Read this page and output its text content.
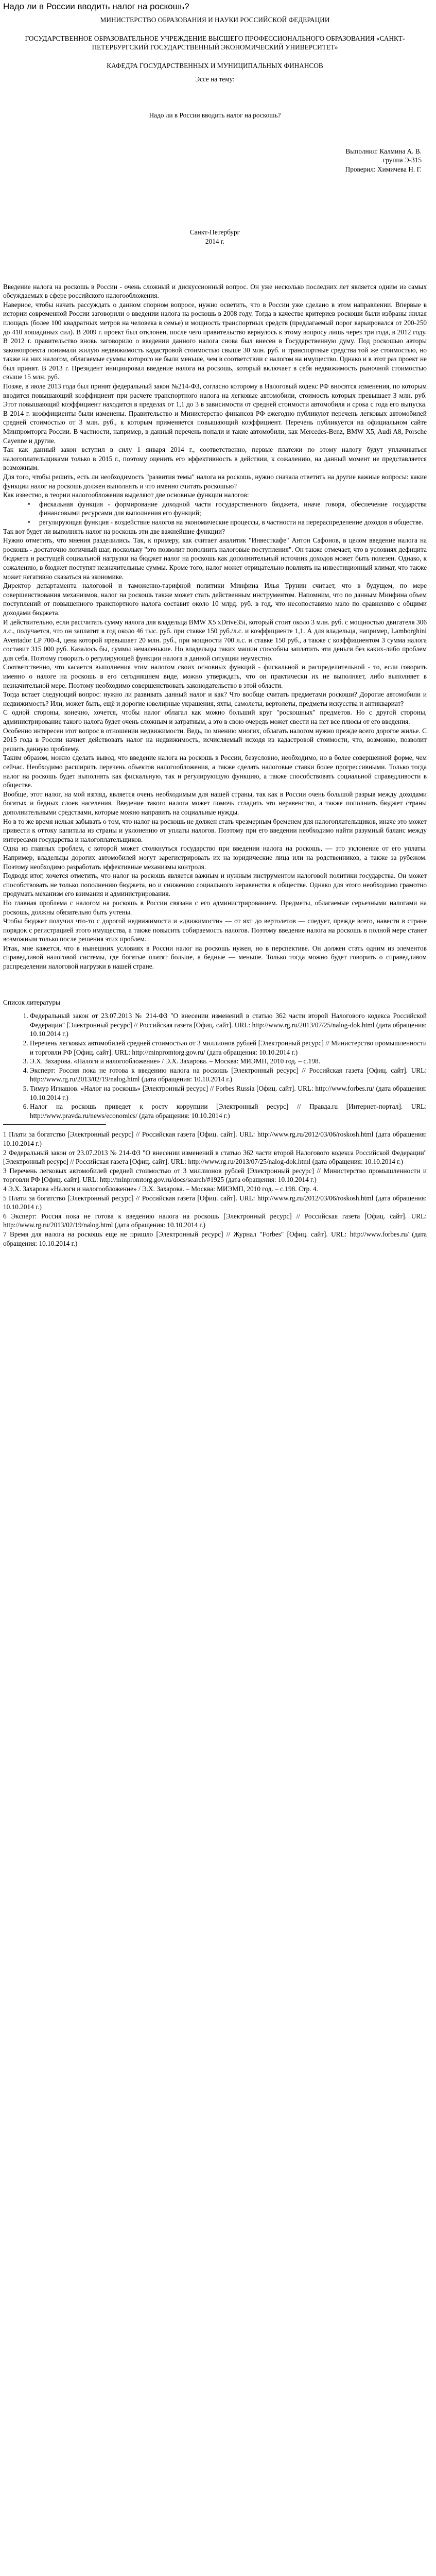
Надо ли в России вводить налог на роскошь?

МИНИСТЕРСТВО ОБРАЗОВАНИЯ И НАУКИ РОССИЙСКОЙ ФЕДЕРАЦИИ

ГОСУДАРСТВЕННОЕ ОБРАЗОВАТЕЛЬНОЕ УЧРЕЖДЕНИЕ ВЫСШЕГО ПРОФЕССИОНАЛЬНОГО ОБРАЗОВАНИЯ «САНКТ-ПЕТЕРБУРГСКИЙ ГОСУДАРСТВЕННЫЙ ЭКОНОМИЧЕСКИЙ УНИВЕРСИТЕТ»

КАФЕДРА ГОСУДАРСТВЕННЫХ И МУНИЦИПАЛЬНЫХ ФИНАНСОВ

Эссе на тему:

Надо ли в России вводить налог на роскошь?

Выполнил: Калмина А. В.

группа Э-315

Проверил: Химичева Н. Г.

Санкт-Петербург

2014 г.

Введение налога на роскошь в России - очень сложный и дискуссионный вопрос. Он уже несколько последних лет является одним из самых обсуждаемых в сфере российского налогообложения.

Наверное, чтобы начать рассуждать о данном спорном вопросе, нужно осветить, что в России уже сделано в этом направлении. Впервые в истории современной России заговорили о введении налога на роскошь в 2008 году. Тогда в качестве критериев роскоши были избраны жилая площадь (более 100 квадратных метров на человека в семье) и мощность транспортных средств (предлагаемый порог варьировался от 200-250 до 410 лошадиных сил). В 2009 г. проект был отклонен, после чего правительство вернулось к этому вопросу лишь через три года, в 2012 году. В 2012 г. правительство вновь заговорило о введении данного налога снова был внесен в Государственную думу. Под роскошью авторы законопроекта понимали жилую недвижимость кадастровой стоимостью свыше 30 млн. руб. и транспортные средства той же стоимостью, но также на них налогом, облагаемые суммы которого не были меньше, чем в соответствии с налогом на имущество. Однако и в этот раз проект не был принят. В 2013 г. Президент инициировал введение налога на роскошь, который включает в себя недвижимость рыночной стоимостью свыше 15 млн. руб.

Позже, в июле 2013 года был принят федеральный закон №214-ФЗ, согласно которому в Налоговый кодекс РФ вносятся изменения, по которым вводится повышающий коэффициент при расчете транспортного налога на легковые автомобили, стоимость которых превышает 3 млн. руб. Этот повышающий коэффициент находится в пределах от 1,1 до 3 в зависимости от средней стоимости автомобиля и срока с года его выпуска. В 2014 г. коэффициенты были изменены. Правительство и Министерство финансов РФ ежегодно публикуют перечень легковых автомобилей средней стоимостью от 3 млн. руб., к которым применяется повышающий коэффициент. Перечень публикуется на официальном сайте Минпромторга России. В частности, например, в данный перечень попали и такие автомобили, как Mercedes-Benz, BMW X5, Audi A8, Porsche Cayenne и другие.

Так как данный закон вступил в силу 1 января 2014 г., соответственно, первые платежи по этому налогу будут уплачиваться налогоплательщиками только в 2015 г., поэтому оценить его эффективность в действии, к сожалению, на данный момент не представляется возможным.

Для того, чтобы решить, есть ли необходимость "развития темы" налога на роскошь, нужно сначала ответить на другие важные вопросы: какие функции налог на роскошь должен выполнять и что именно считать роскошью?

Как известно, в теории налогообложения выделяют две основные функции налогов:

• фискальная функция - формирование доходной части государственного бюджета, иначе говоря, обеспечение государства финансовыми ресурсами для выполнения его функций;
• регулирующая функция - воздействие налогов на экономические процессы, в частности на перераспределение доходов в обществе.

Так вот будет ли выполнять налог на роскошь эти две важнейшие функции?

Нужно отметить, что мнения разделились. Так, к примеру, как считает аналитик "Инвесткафе" Антон Сафонов, в целом введение налога на роскошь - достаточно логичный шаг, поскольку "это позволит пополнить налоговые поступления". Он также отмечает, что в условиях дефицита бюджета и растущей социальной нагрузки на бюджет налог на роскошь как дополнительный источник доходов может быть полезен. Однако, к сожалению, в бюджет поступят незначительные суммы. Кроме того, налог может отрицательно повлиять на инвестиционный климат, что также может негативно сказаться на экономике.

Директор департамента налоговой и таможенно-тарифной политики Минфина Илья Трунин считает, что в будущем, по мере совершенствования механизмов, налог на роскошь также может стать действенным инструментом. Напомним, что по данным Минфина объем поступлений от повышенного транспортного налога составит около 10 млрд. руб. в год, что несопоставимо мало по сравнению с общими доходами бюджета.

И действительно, если рассчитать сумму налога для владельца BMW X5 xDrive35i, который стоит около 3 млн. руб. с мощностью двигателя 306 л.с., получается, что он заплатит в год около 46 тыс. руб. при ставке 150 руб./л.с. и коэффициенте 1,1. А для владельца, например, Lamborghini Aventador LP 700-4, цена которой превышает 20 млн. руб., при мощности 700 л.с. и ставке 150 руб., а также с коэффициентом 3 сумма налога составит 315 000 руб. Казалось бы, суммы немаленькие. Но владельцы таких машин способны заплатить эти деньги без каких-либо проблем для себя. Поэтому говорить о регулирующей функции налога в данной ситуации неуместно.

Соответственно, что касается выполнения этим налогом своих основных функций - фискальной и распределительной - то, если говорить именно о налоге на роскошь в его сегодняшнем виде, можно утверждать, что он практически их не выполняет, либо выполняет в незначительной мере. Поэтому необходимо совершенствовать законодательство в этой области.

Тогда встает следующий вопрос: нужно ли развивать данный налог и как? Что вообще считать предметами роскоши? Дорогие автомобили и недвижимость? Или, может быть, ещё и дорогие ювелирные украшения, яхты, самолеты, вертолеты, предметы искусства и антиквариат?

С одной стороны, конечно, хочется, чтобы налог облагал как можно больший круг "роскошных" предметов. Но с другой стороны, администрирование такого налога будет очень сложным и затратным, а это в свою очередь может свести на нет все плюсы от его введения.

Особенно интересен этот вопрос в отношении недвижимости. Ведь, по мнению многих, облагать налогом нужно прежде всего дорогое жилье. С 2015 года в России начнет действовать налог на недвижимость, исчисляемый исходя из кадастровой стоимости, что, возможно, позволит решить данную проблему.

Таким образом, можно сделать вывод, что введение налога на роскошь в России, безусловно, необходимо, но в более совершенной форме, чем сейчас. Необходимо расширить перечень объектов налогообложения, а также сделать налоговые ставки более прогрессивными. Только тогда налог на роскошь будет выполнять как фискальную, так и регулирующую функцию, а также способствовать социальной справедливости в обществе.

Вообще, этот налог, на мой взгляд, является очень необходимым для нашей страны, так как в России очень большой разрыв между доходами богатых и бедных слоев населения. Введение такого налога может помочь сгладить это неравенство, а также пополнить бюджет страны дополнительными средствами, которые можно направить на социальные нужды.

Но в то же время нельзя забывать о том, что налог на роскошь не должен стать чрезмерным бременем для налогоплательщиков, иначе это может привести к оттоку капитала из страны и уклонению от уплаты налогов. Поэтому при его введении необходимо найти разумный баланс между интересами государства и налогоплательщиков.

Одна из главных проблем, с которой может столкнуться государство при введении налога на роскошь, — это уклонение от его уплаты. Например, владельцы дорогих автомобилей могут зарегистрировать их на юридические лица или на родственников, а также за рубежом. Поэтому необходимо разработать эффективные механизмы контроля.

Подводя итог, хочется отметить, что налог на роскошь является важным и нужным инструментом налоговой политики государства. Он может способствовать не только пополнению бюджета, но и снижению социального неравенства в обществе. Однако для этого необходимо грамотно продумать механизм его взимания и администрирования.

Но главная проблема с налогом на роскошь в России связана с его администрированием. Предметы, облагаемые серьезными налогами на роскошь, должны обязательно быть учтены.

Чтобы бюджет получил что-то с дорогой недвижимости и «движимости» — от яхт до вертолетов — следует, прежде всего, навести в стране порядок с регистрацией этого имущества, а также повысить собираемость налогов. Поэтому введение налога на роскошь в полной мере станет возможным только после решения этих проблем.

Итак, мне кажется, что в нынешних условиях в России налог на роскошь нужен, но в перспективе. Он должен стать одним из элементов справедливой налоговой системы, где богатые платят больше, а бедные — меньше. Только тогда можно будет говорить о справедливом распределении налоговой нагрузки в нашей стране.

Список литературы

1. Федеральный закон от 23.07.2013 № 214-ФЗ "О внесении изменений в статью 362 части второй Налогового кодекса Российской Федерации" [Электронный ресурс] // Российская газета [Офиц. сайт]. URL: http://www.rg.ru/2013/07/25/nalog-dok.html (дата обращения: 10.10.2014 г.)
2. Перечень легковых автомобилей средней стоимостью от 3 миллионов рублей [Электронный ресурс] // Министерство промышленности и торговли РФ [Офиц. сайт]. URL: http://minpromtorg.gov.ru/ (дата обращения: 10.10.2014 г.)
3. Э.Х. Захарова. «Налоги и налогообложение» / Э.Х. Захарова. – Москва: МИЭМП, 2010 год. – с.198.
4. Эксперт: Россия пока не готова к введению налога на роскошь [Электронный ресурс] // Российская газета [Офиц. сайт]. URL: http://www.rg.ru/2013/02/19/nalog.html (дата обращения: 10.10.2014 г.)
5. Тимур Игнашов. «Налог на роскошь» [Электронный ресурс] // Forbes Russia [Офиц. сайт]. URL: http://www.forbes.ru/ (дата обращения: 10.10.2014 г.)
6. Налог на роскошь приведет к росту коррупции [Электронный ресурс] // Правда.ru [Интернет-портал]. URL: http://www.pravda.ru/news/economics/ (дата обращения: 10.10.2014 г.)

1 Плати за богатство [Электронный ресурс] // Российская газета [Офиц. сайт]. URL: http://www.rg.ru/2012/03/06/roskosh.html (дата обращения: 10.10.2014 г.)

2 Федеральный закон от 23.07.2013 № 214-ФЗ "О внесении изменений в статью 362 части второй Налогового кодекса Российской Федерации" [Электронный ресурс] // Российская газета [Офиц. сайт]. URL: http://www.rg.ru/2013/07/25/nalog-dok.html (дата обращения: 10.10.2014 г.)

3 Перечень легковых автомобилей средней стоимостью от 3 миллионов рублей [Электронный ресурс] // Министерство промышленности и торговли РФ [Офиц. сайт]. URL: http://minpromtorg.gov.ru/docs/search/#1925 (дата обращения: 10.10.2014 г.)

4 Э.Х. Захарова «Налоги и налогообложение» / Э.Х. Захарова. – Москва: МИЭМП, 2010 год. – с.198. Стр. 4.

5 Плати за богатство [Электронный ресурс] // Российская газета [Офиц. сайт]. URL: http://www.rg.ru/2012/03/06/roskosh.html (дата обращения: 10.10.2014 г.)

6 Эксперт: Россия пока не готова к введению налога на роскошь [Электронный ресурс] // Российская газета [Офиц. сайт]. URL: http://www.rg.ru/2013/02/19/nalog.html (дата обращения: 10.10.2014 г.)

7 Время для налога на роскошь еще не пришло [Электронный ресурс] // Журнал "Forbes" [Офиц. сайт]. URL: http://www.forbes.ru/ (дата обращения: 10.10.2014 г.)
